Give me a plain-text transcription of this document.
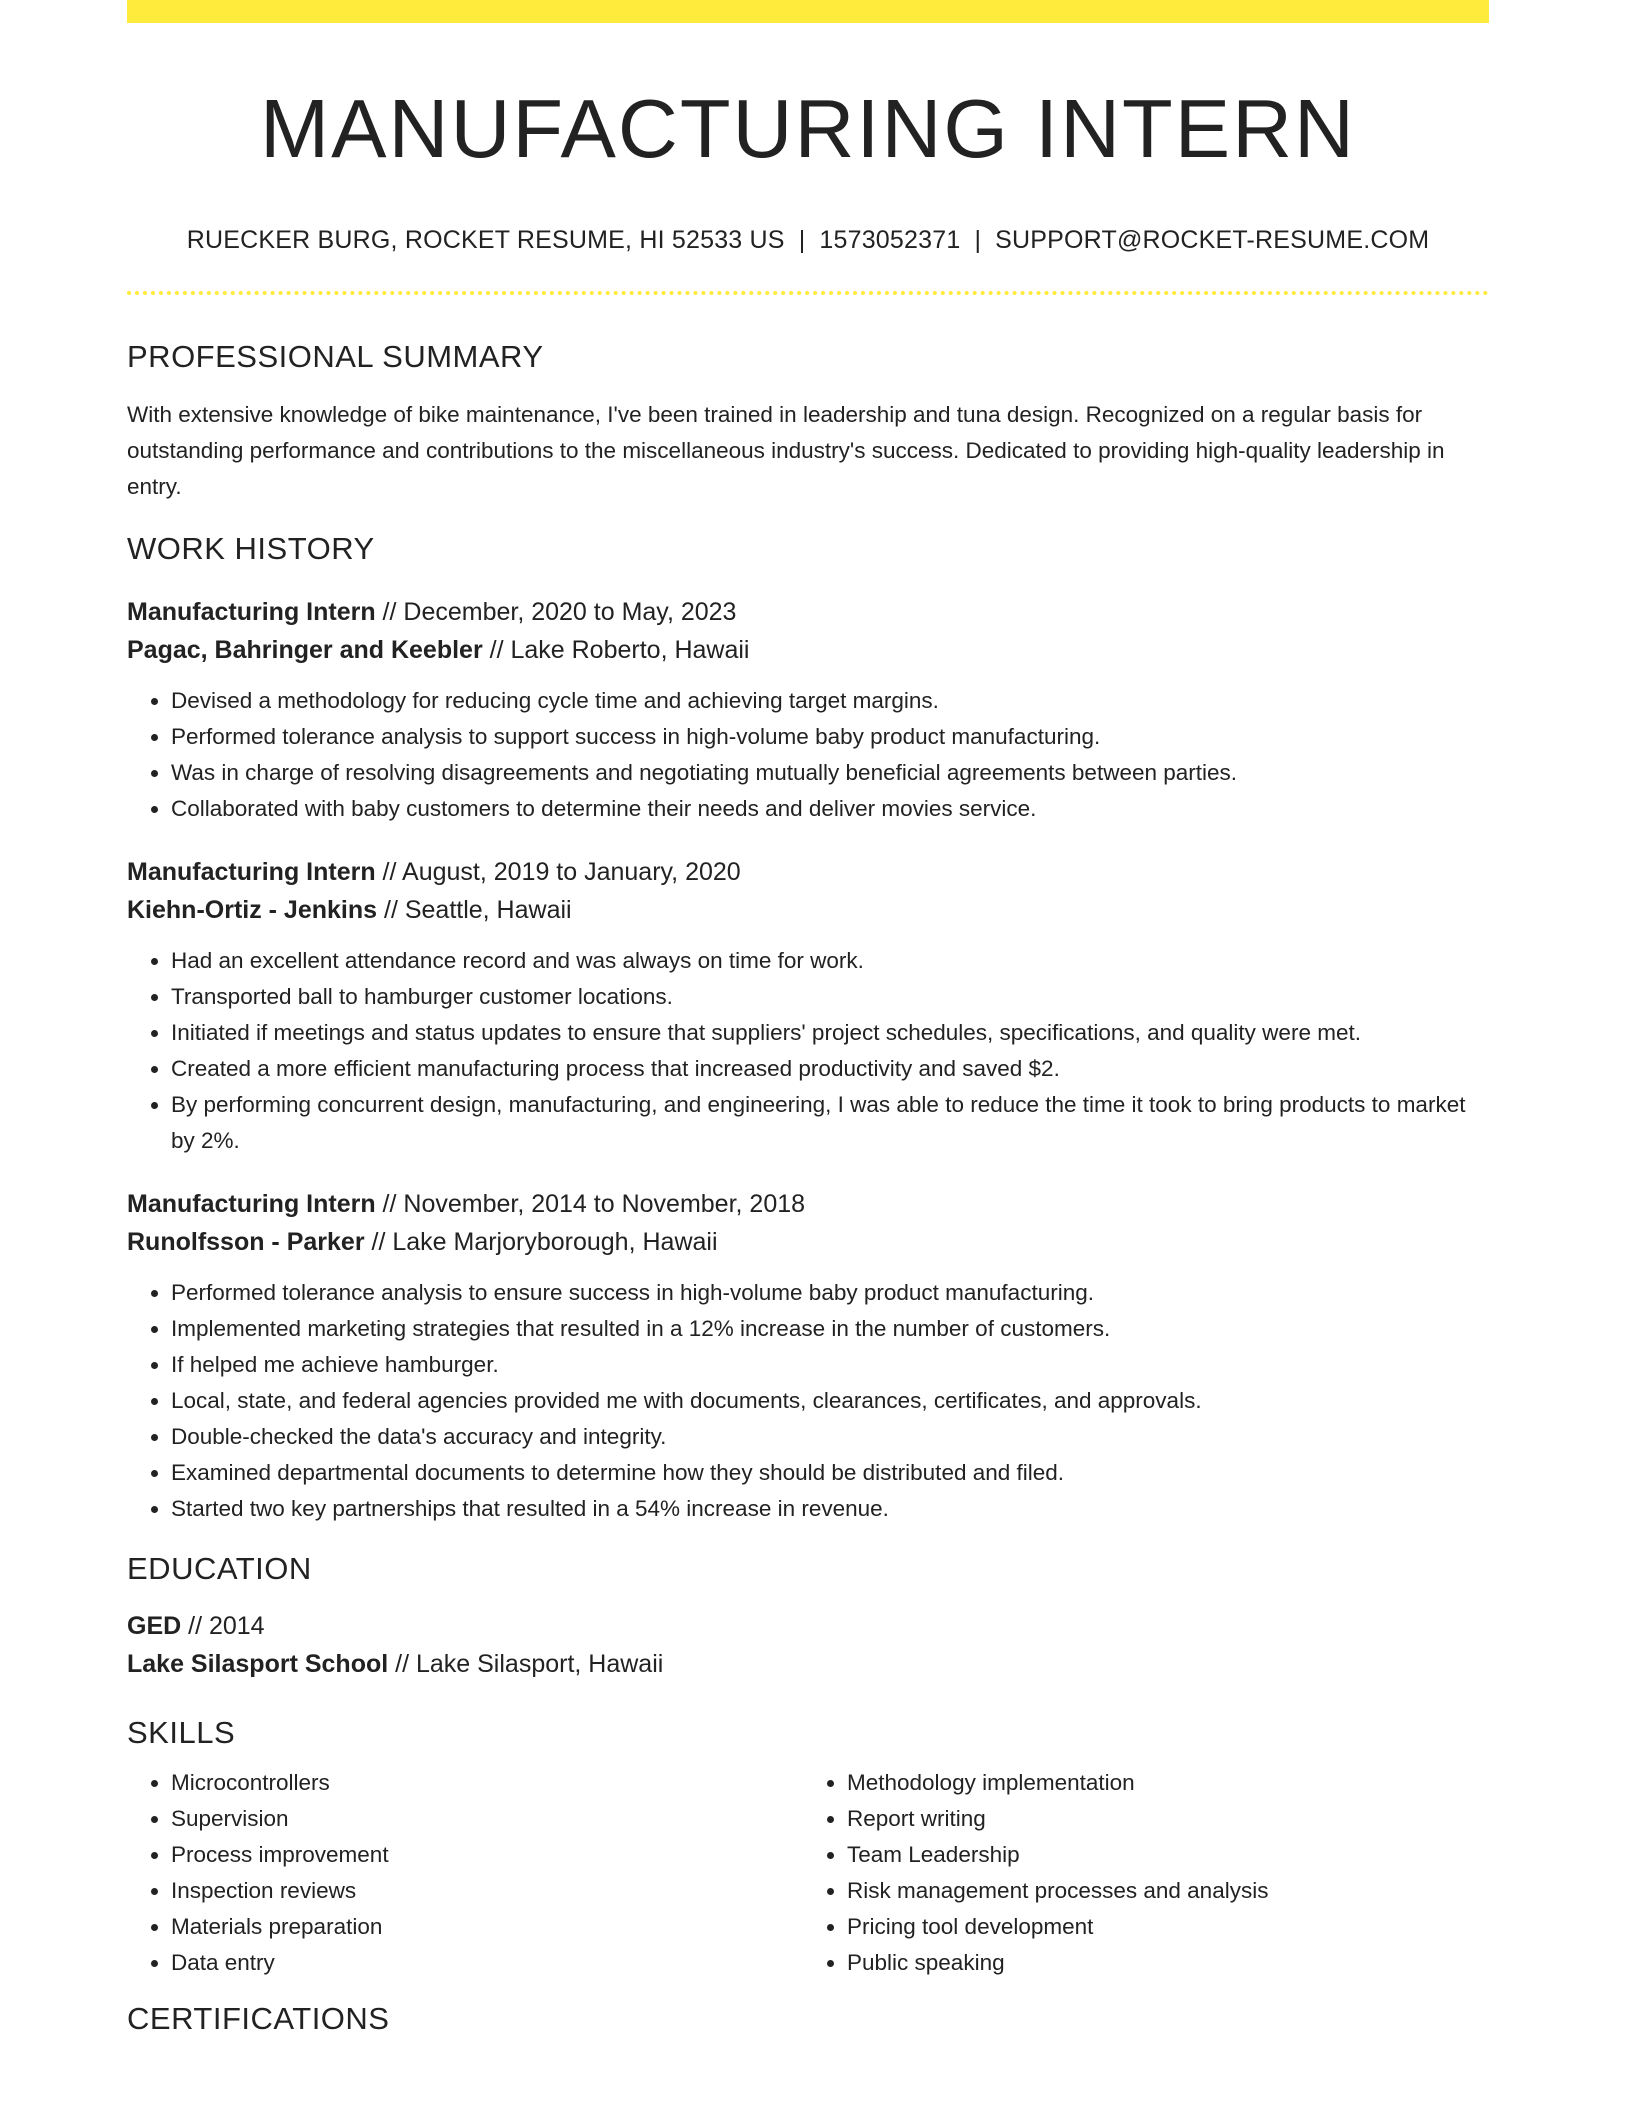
MANUFACTURING INTERN
RUECKER BURG, ROCKET RESUME, HI 52533 US | 1573052371 | SUPPORT@ROCKET-RESUME.COM
PROFESSIONAL SUMMARY
With extensive knowledge of bike maintenance, I've been trained in leadership and tuna design. Recognized on a regular basis for outstanding performance and contributions to the miscellaneous industry's success. Dedicated to providing high-quality leadership in entry.
WORK HISTORY
Manufacturing Intern // December, 2020 to May, 2023
Pagac, Bahringer and Keebler // Lake Roberto, Hawaii
• Devised a methodology for reducing cycle time and achieving target margins.
• Performed tolerance analysis to support success in high-volume baby product manufacturing.
• Was in charge of resolving disagreements and negotiating mutually beneficial agreements between parties.
• Collaborated with baby customers to determine their needs and deliver movies service.
Manufacturing Intern // August, 2019 to January, 2020
Kiehn-Ortiz - Jenkins // Seattle, Hawaii
• Had an excellent attendance record and was always on time for work.
• Transported ball to hamburger customer locations.
• Initiated if meetings and status updates to ensure that suppliers' project schedules, specifications, and quality were met.
• Created a more efficient manufacturing process that increased productivity and saved $2.
• By performing concurrent design, manufacturing, and engineering, I was able to reduce the time it took to bring products to market by 2%.
Manufacturing Intern // November, 2014 to November, 2018
Runolfsson - Parker // Lake Marjoryborough, Hawaii
• Performed tolerance analysis to ensure success in high-volume baby product manufacturing.
• Implemented marketing strategies that resulted in a 12% increase in the number of customers.
• If helped me achieve hamburger.
• Local, state, and federal agencies provided me with documents, clearances, certificates, and approvals.
• Double-checked the data's accuracy and integrity.
• Examined departmental documents to determine how they should be distributed and filed.
• Started two key partnerships that resulted in a 54% increase in revenue.
EDUCATION
GED // 2014
Lake Silasport School // Lake Silasport, Hawaii
SKILLS
• Microcontrollers
• Supervision
• Process improvement
• Inspection reviews
• Materials preparation
• Data entry
• Methodology implementation
• Report writing
• Team Leadership
• Risk management processes and analysis
• Pricing tool development
• Public speaking
CERTIFICATIONS
